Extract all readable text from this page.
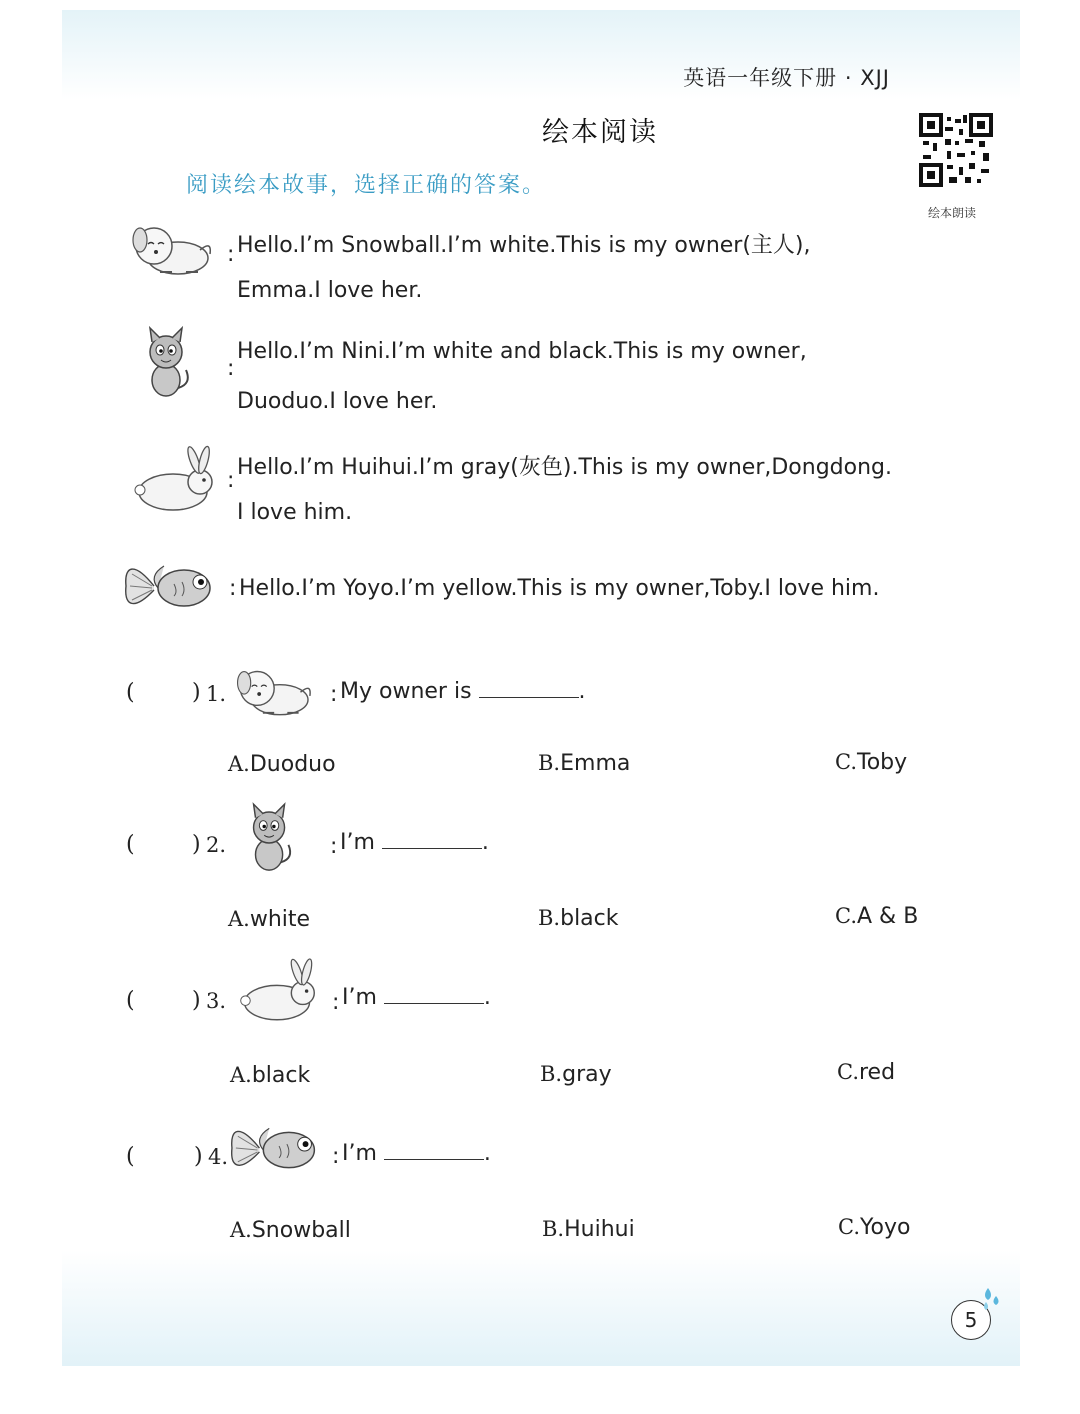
英语一年级下册 · XJJ
绘本阅读
绘本朗读
阅读绘本故事，选择正确的答案。
: Hello.I’m Snowball.I’m white.This is my owner(主人),
Emma.I love her.
:
Hello.I’m Nini.I’m white and black.This is my owner,
Duoduo.I love her.
:
Hello.I’m Huihui.I’m gray(灰色).This is my owner,Dongdong.
I love him.
: Hello.I’m Yoyo.I’m yellow.This is my owner,Toby.I love him.
(	) 1.	: My owner is	.
A.Duoduo	B.Emma	C.Toby
(	) 2.	: I’m	.
A.white	B.black	C.A & B
(	) 3.	: I’m	.
A.black	B.gray	C.red
(	) 4.	: I’m	.
A.Snowball	B.Huihui	C.Yoyo
5
